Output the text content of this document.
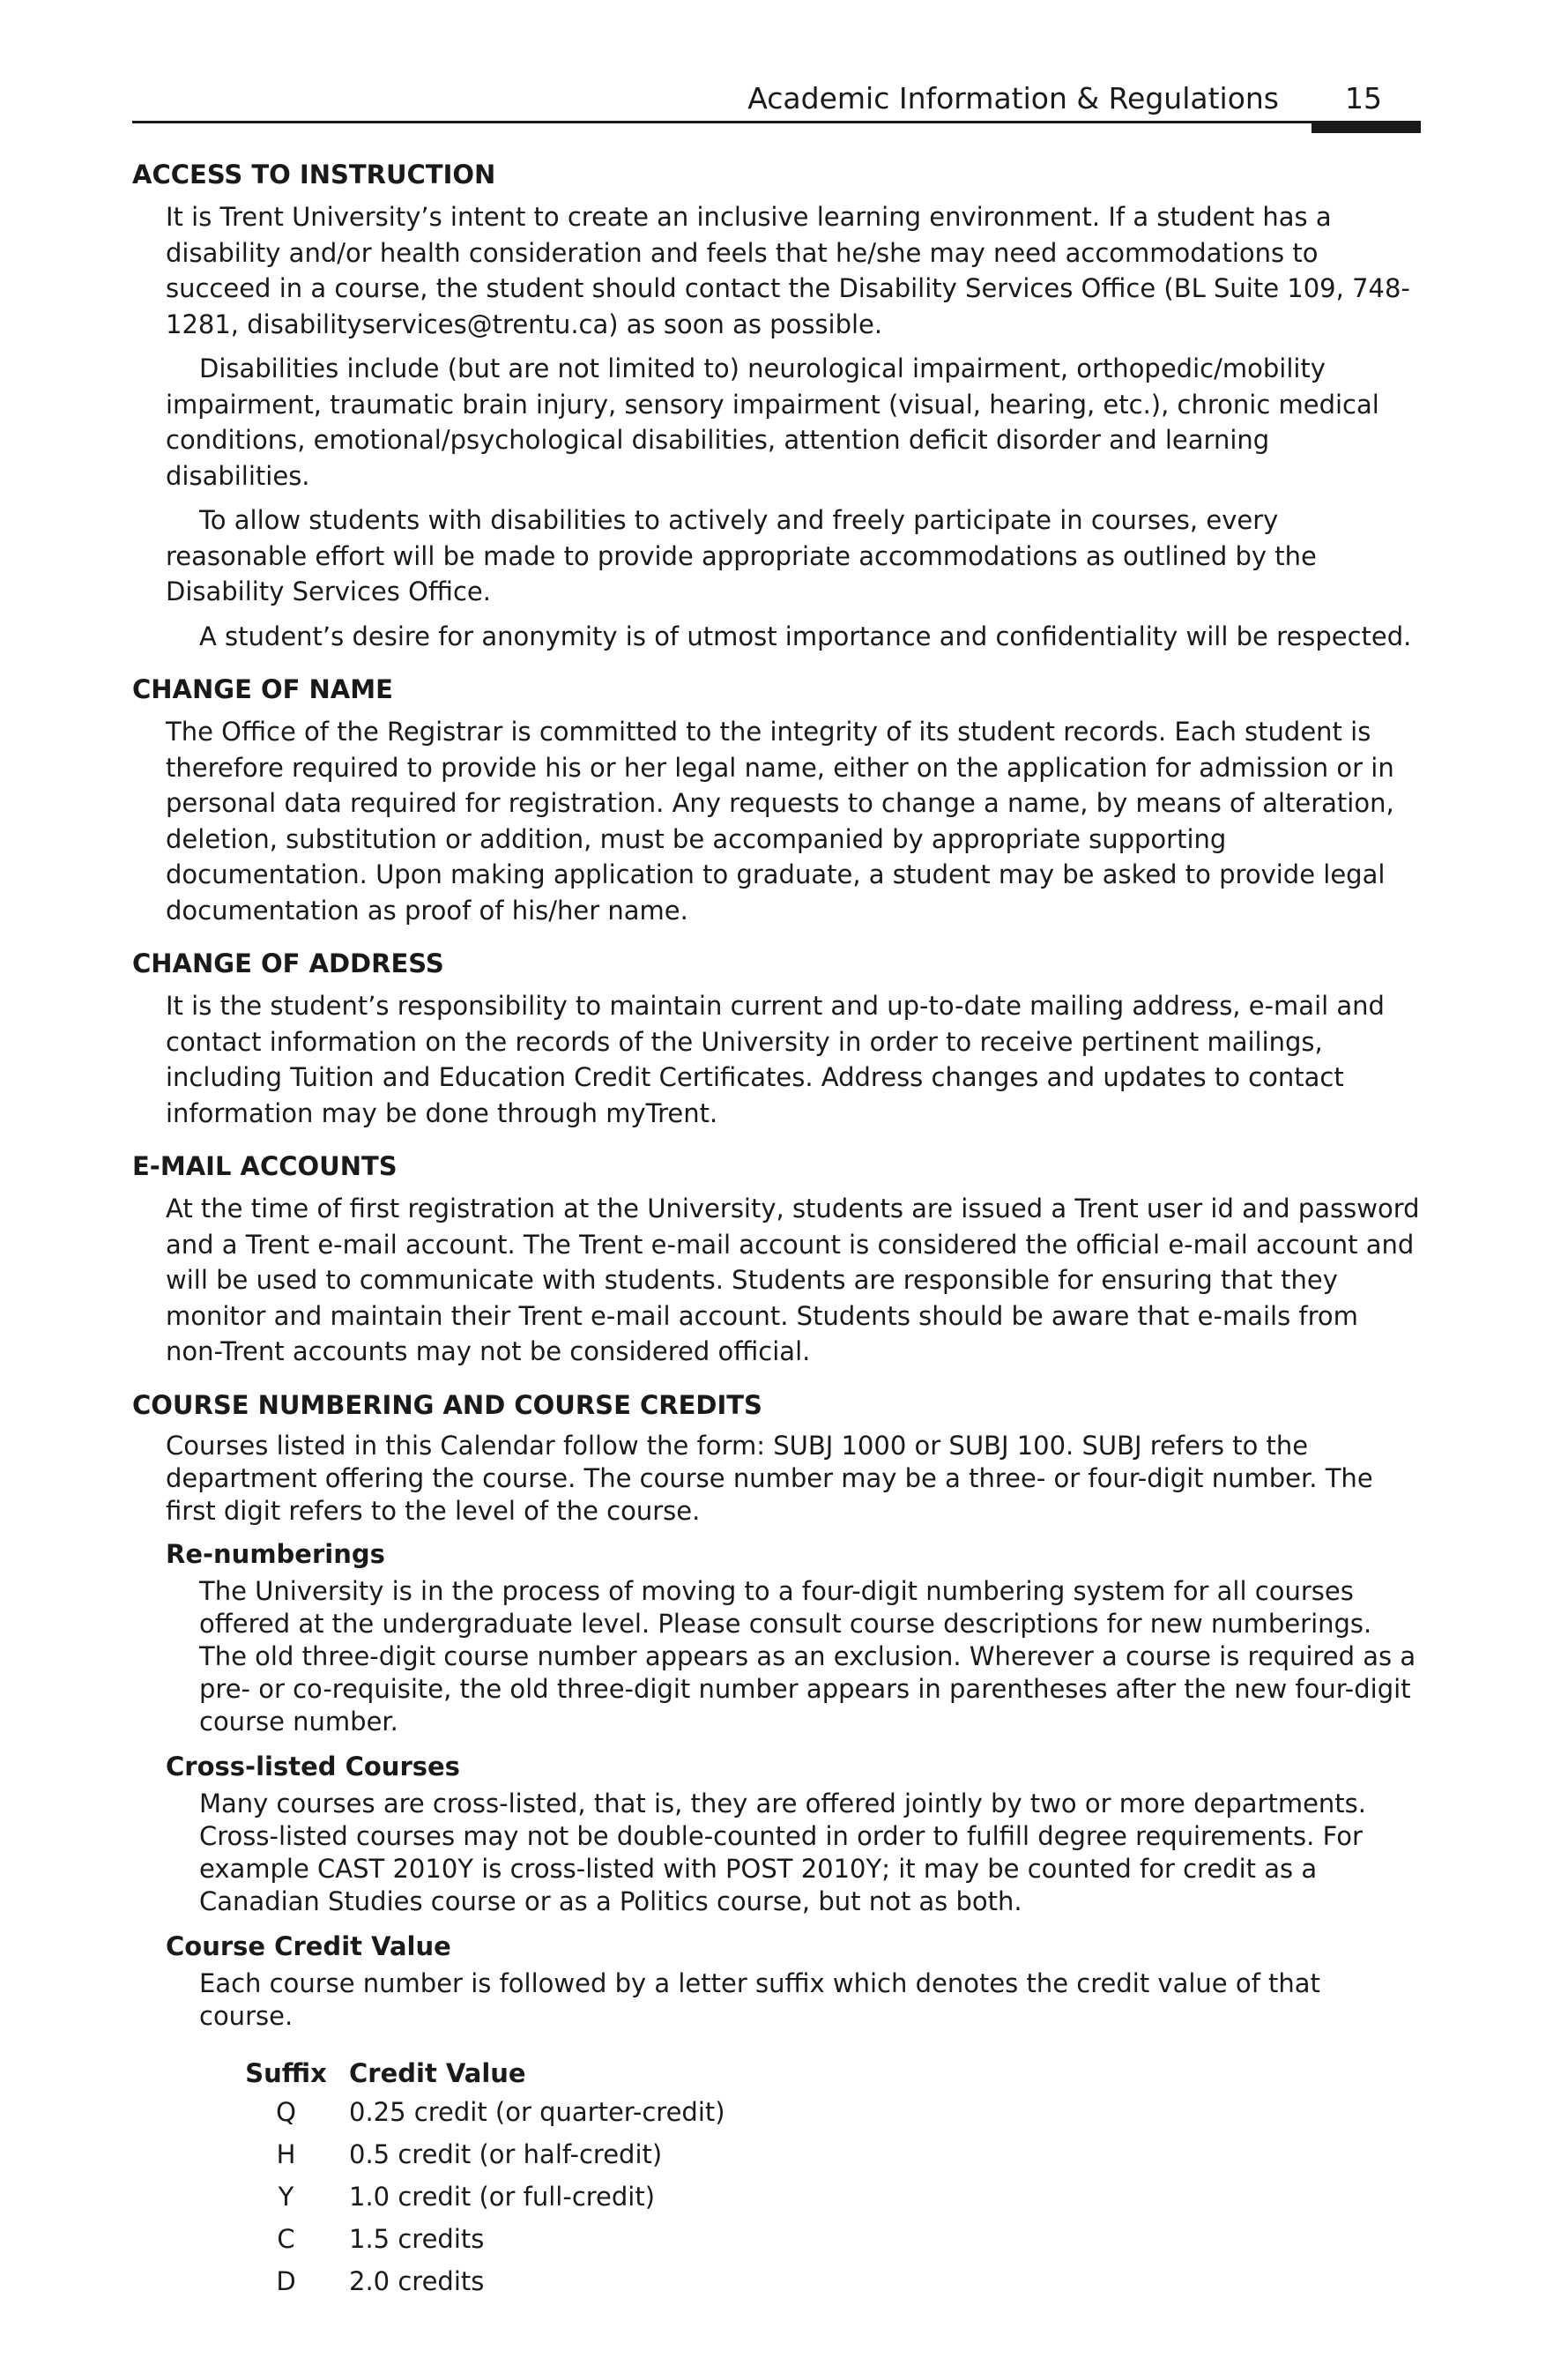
Academic Information & Regulations 15
ACCESS TO INSTRUCTION

It is Trent University’s intent to create an inclusive learning environment. If a student has a disability and/or health consideration and feels that he/she may need accommodations to succeed in a course, the student should contact the Disability Services Office (BL Suite 109, 748-1281, disabilityservices@trentu.ca) as soon as possible.

Disabilities include (but are not limited to) neurological impairment, orthopedic/mobility impairment, traumatic brain injury, sensory impairment (visual, hearing, etc.), chronic medical conditions, emotional/psychological disabilities, attention deficit disorder and learning disabilities.

To allow students with disabilities to actively and freely participate in courses, every reasonable effort will be made to provide appropriate accommodations as outlined by the Disability Services Office.

A student’s desire for anonymity is of utmost importance and confidentiality will be respected.

CHANGE OF NAME

The Office of the Registrar is committed to the integrity of its student records. Each student is therefore required to provide his or her legal name, either on the application for admission or in personal data required for registration. Any requests to change a name, by means of alteration, deletion, substitution or addition, must be accompanied by appropriate supporting documentation. Upon making application to graduate, a student may be asked to provide legal documentation as proof of his/her name.

CHANGE OF ADDRESS

It is the student’s responsibility to maintain current and up-to-date mailing address, e-mail and contact information on the records of the University in order to receive pertinent mailings, including Tuition and Education Credit Certificates. Address changes and updates to contact information may be done through myTrent.

E-MAIL ACCOUNTS

At the time of first registration at the University, students are issued a Trent user id and password and a Trent e-mail account. The Trent e-mail account is considered the official e-mail account and will be used to communicate with students. Students are responsible for ensuring that they monitor and maintain their Trent e-mail account. Students should be aware that e-mails from non-Trent accounts may not be considered official.

COURSE NUMBERING AND COURSE CREDITS

Courses listed in this Calendar follow the form: SUBJ 1000 or SUBJ 100. SUBJ refers to the department offering the course. The course number may be a three- or four-digit number. The first digit refers to the level of the course.

Re-numberings

The University is in the process of moving to a four-digit numbering system for all courses offered at the undergraduate level. Please consult course descriptions for new numberings. The old three-digit course number appears as an exclusion. Wherever a course is required as a pre- or co-requisite, the old three-digit number appears in parentheses after the new four-digit course number.

Cross-listed Courses

Many courses are cross-listed, that is, they are offered jointly by two or more departments. Cross-listed courses may not be double-counted in order to fulfill degree requirements. For example CAST 2010Y is cross-listed with POST 2010Y; it may be counted for credit as a Canadian Studies course or as a Politics course, but not as both.

Course Credit Value

Each course number is followed by a letter suffix which denotes the credit value of that course.

Suffix	Credit Value
Q	0.25 credit (or quarter-credit)
H	0.5 credit (or half-credit)
Y	1.0 credit (or full-credit)
C	1.5 credits
D	2.0 credits
